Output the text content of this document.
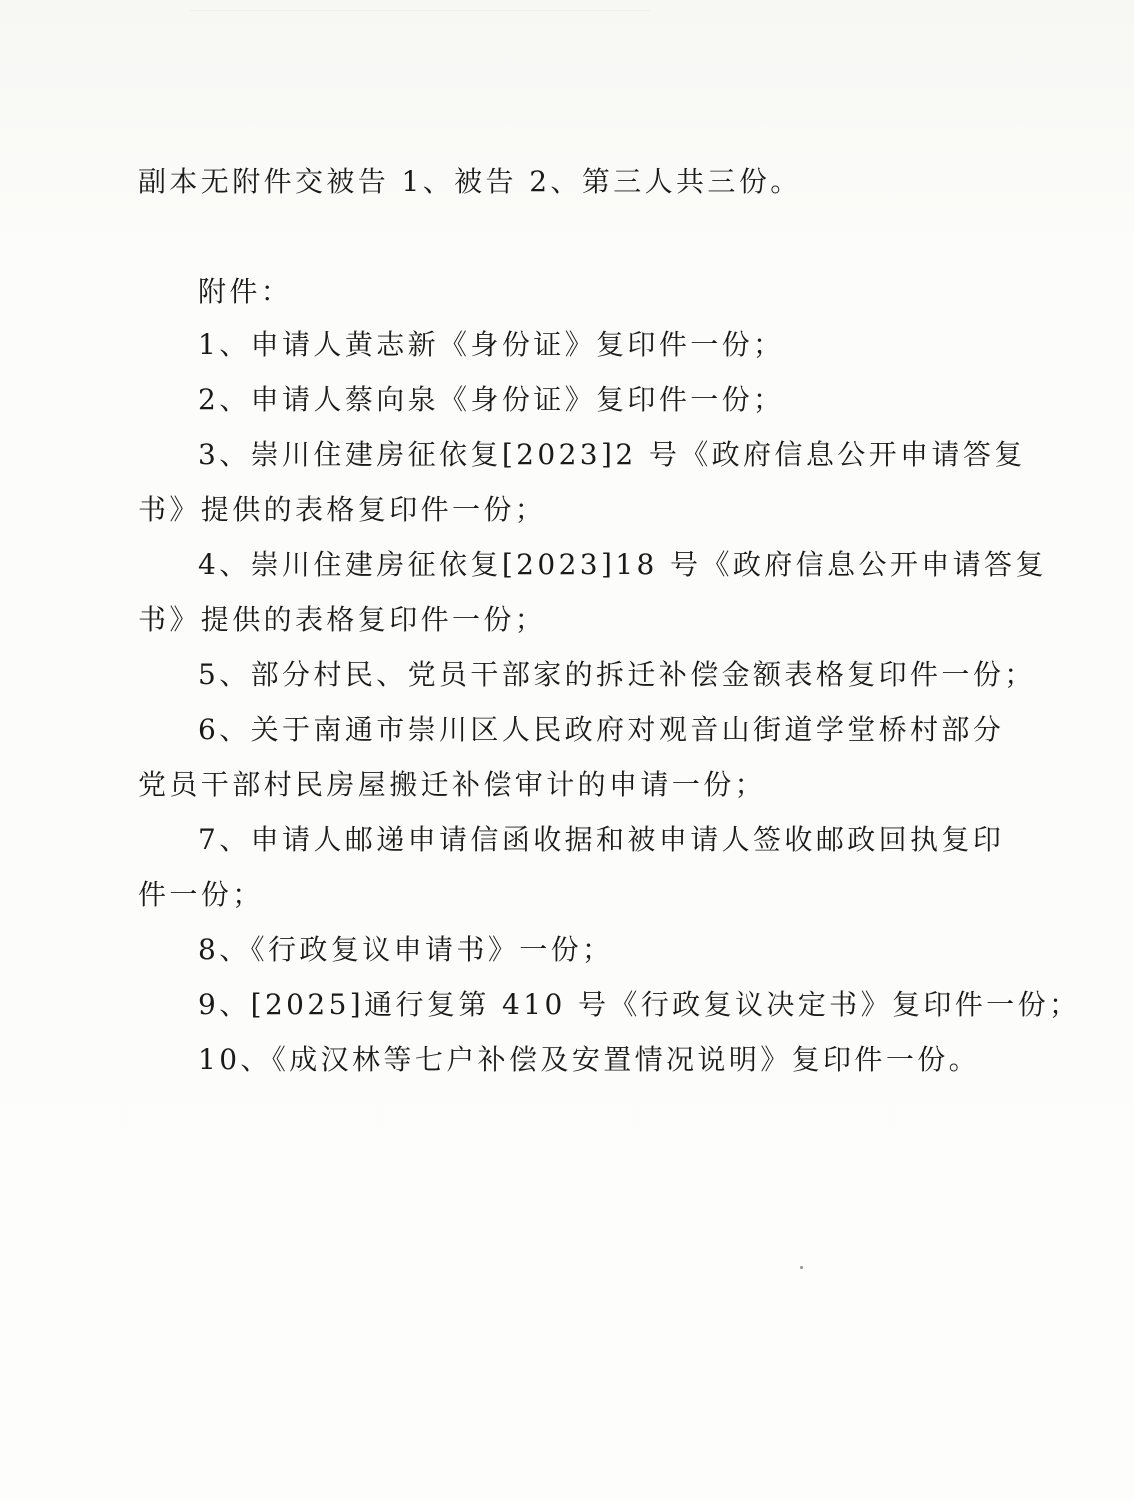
副本无附件交被告 1、被告 2、第三人共三份。
附件：
1、申请人黄志新《身份证》复印件一份；
2、申请人蔡向泉《身份证》复印件一份；
3、崇川住建房征依复[2023]2 号《政府信息公开申请答复
书》提供的表格复印件一份；
4、崇川住建房征依复[2023]18 号《政府信息公开申请答复
书》提供的表格复印件一份；
5、部分村民、党员干部家的拆迁补偿金额表格复印件一份；
6、关于南通市崇川区人民政府对观音山街道学堂桥村部分
党员干部村民房屋搬迁补偿审计的申请一份；
7、申请人邮递申请信函收据和被申请人签收邮政回执复印
件一份；
8、《行政复议申请书》一份；
9、[2025]通行复第 410 号《行政复议决定书》复印件一份；
10、《成汉林等七户补偿及安置情况说明》复印件一份。
